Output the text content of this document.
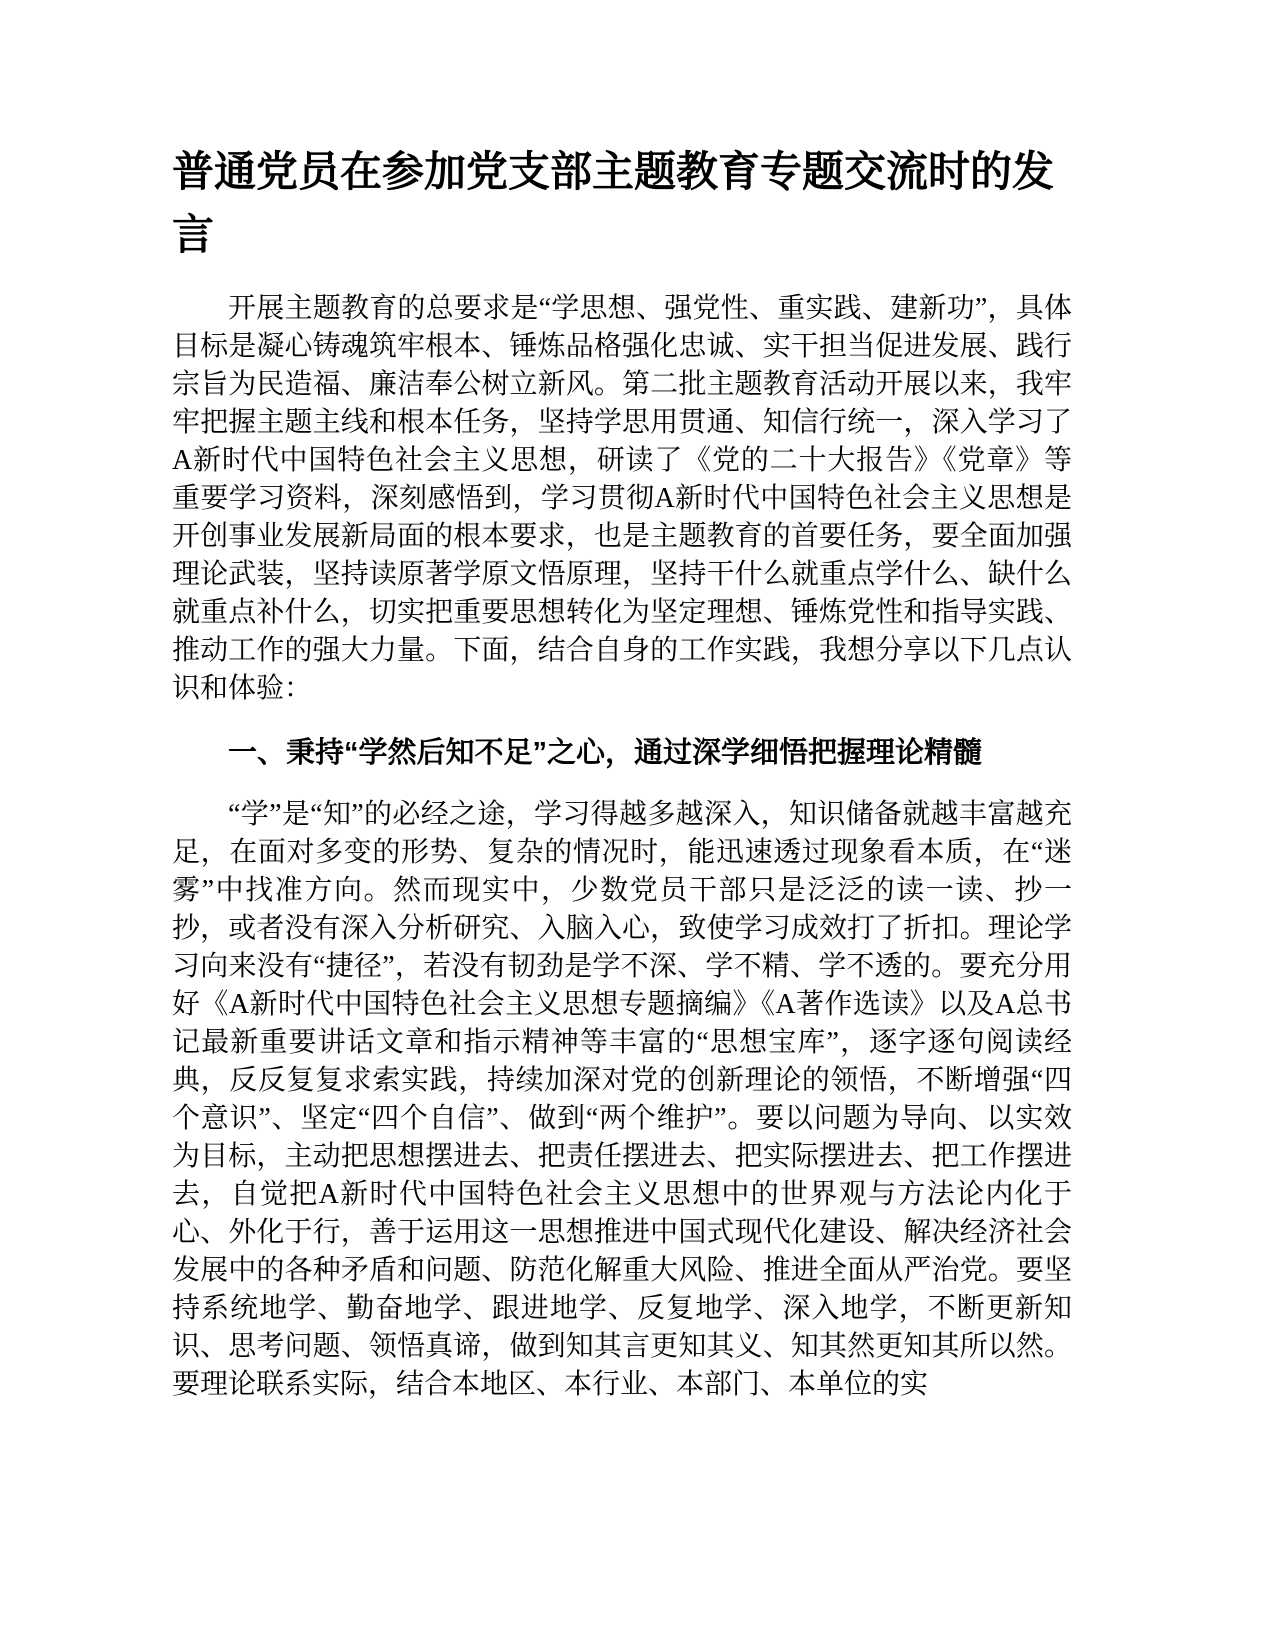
普通党员在参加党支部主题教育专题交流时的发言

开展主题教育的总要求是“学思想、强党性、重实践、建新功”，具体目标是凝心铸魂筑牢根本、锤炼品格强化忠诚、实干担当促进发展、践行宗旨为民造福、廉洁奉公树立新风。第二批主题教育活动开展以来，我牢牢把握主题主线和根本任务，坚持学思用贯通、知信行统一，深入学习了A新时代中国特色社会主义思想，研读了《党的二十大报告》《党章》等重要学习资料，深刻感悟到，学习贯彻A新时代中国特色社会主义思想是开创事业发展新局面的根本要求，也是主题教育的首要任务，要全面加强理论武装，坚持读原著学原文悟原理，坚持干什么就重点学什么、缺什么就重点补什么，切实把重要思想转化为坚定理想、锤炼党性和指导实践、推动工作的强大力量。下面，结合自身的工作实践，我想分享以下几点认识和体验：

一、秉持“学然后知不足”之心，通过深学细悟把握理论精髓

“学”是“知”的必经之途，学习得越多越深入，知识储备就越丰富越充足，在面对多变的形势、复杂的情况时，能迅速透过现象看本质，在“迷雾”中找准方向。然而现实中，少数党员干部只是泛泛的读一读、抄一抄，或者没有深入分析研究、入脑入心，致使学习成效打了折扣。理论学习向来没有“捷径”，若没有韧劲是学不深、学不精、学不透的。要充分用好《A新时代中国特色社会主义思想专题摘编》《A著作选读》以及A总书记最新重要讲话文章和指示精神等丰富的“思想宝库”，逐字逐句阅读经典，反反复复求索实践，持续加深对党的创新理论的领悟，不断增强“四个意识”、坚定“四个自信”、做到“两个维护”。要以问题为导向、以实效为目标，主动把思想摆进去、把责任摆进去、把实际摆进去、把工作摆进去，自觉把A新时代中国特色社会主义思想中的世界观与方法论内化于心、外化于行，善于运用这一思想推进中国式现代化建设、解决经济社会发展中的各种矛盾和问题、防范化解重大风险、推进全面从严治党。要坚持系统地学、勤奋地学、跟进地学、反复地学、深入地学，不断更新知识、思考问题、领悟真谛，做到知其言更知其义、知其然更知其所以然。要理论联系实际，结合本地区、本行业、本部门、本单位的实
